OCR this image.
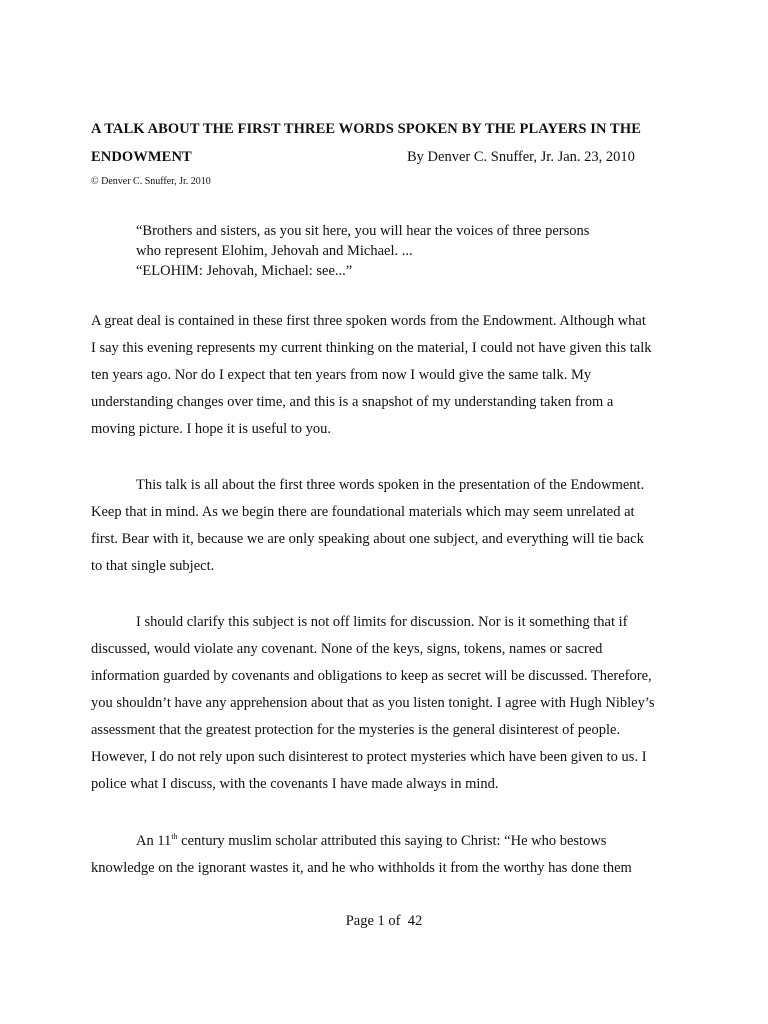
A TALK ABOUT THE FIRST THREE WORDS SPOKEN BY THE PLAYERS IN THE
ENDOWMENT	By Denver C. Snuffer, Jr. Jan. 23, 2010
© Denver C. Snuffer, Jr. 2010
“Brothers and sisters, as you sit here, you will hear the voices of three persons
who represent Elohim, Jehovah and Michael. ...
“ELOHIM: Jehovah, Michael: see...”
A great deal is contained in these first three spoken words from the Endowment. Although what
I say this evening represents my current thinking on the material, I could not have given this talk
ten years ago. Nor do I expect that ten years from now I would give the same talk. My
understanding changes over time, and this is a snapshot of my understanding taken from a
moving picture. I hope it is useful to you.
This talk is all about the first three words spoken in the presentation of the Endowment.
Keep that in mind. As we begin there are foundational materials which may seem unrelated at
first. Bear with it, because we are only speaking about one subject, and everything will tie back
to that single subject.
I should clarify this subject is not off limits for discussion. Nor is it something that if
discussed, would violate any covenant. None of the keys, signs, tokens, names or sacred
information guarded by covenants and obligations to keep as secret will be discussed. Therefore,
you shouldn’t have any apprehension about that as you listen tonight. I agree with Hugh Nibley’s
assessment that the greatest protection for the mysteries is the general disinterest of people.
However, I do not rely upon such disinterest to protect mysteries which have been given to us. I
police what I discuss, with the covenants I have made always in mind.
An 11th century muslim scholar attributed this saying to Christ: “He who bestows
knowledge on the ignorant wastes it, and he who withholds it from the worthy has done them
Page 1 of  42
